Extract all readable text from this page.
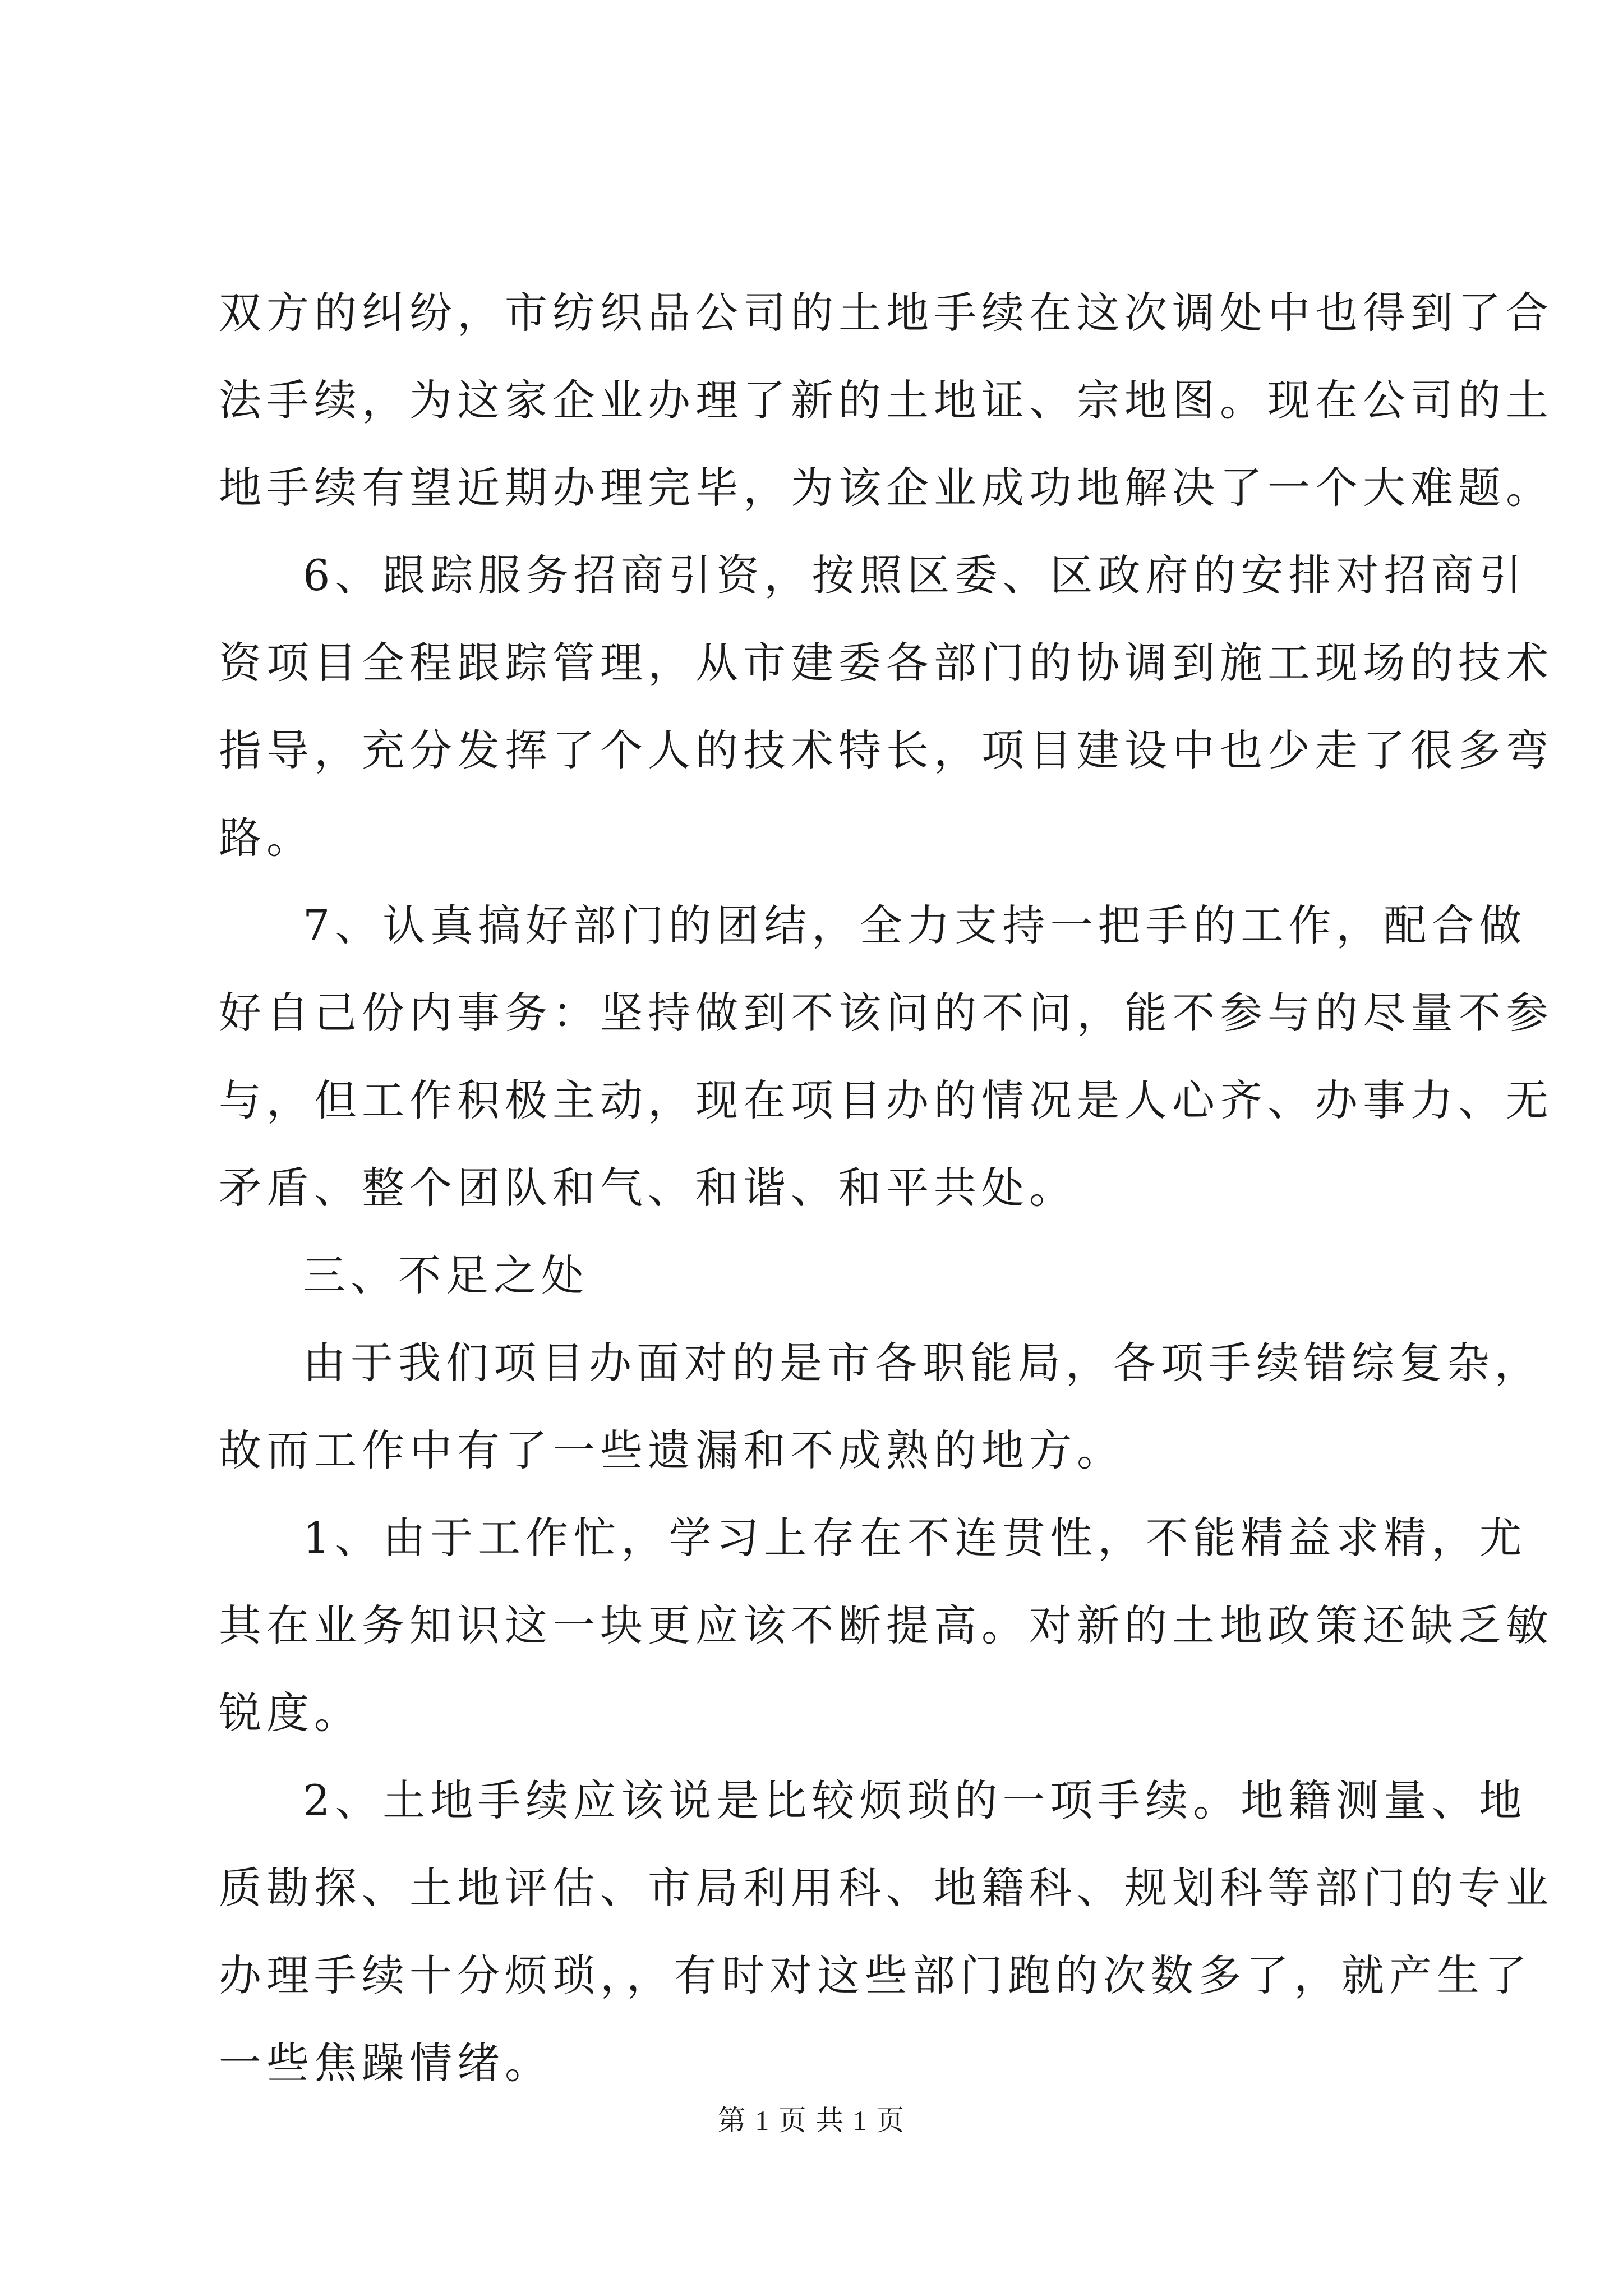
双方的纠纷，市纺织品公司的土地手续在这次调处中也得到了合
法手续，为这家企业办理了新的土地证、宗地图。现在公司的土
地手续有望近期办理完毕，为该企业成功地解决了一个大难题。
6、跟踪服务招商引资，按照区委、区政府的安排对招商引
资项目全程跟踪管理，从市建委各部门的协调到施工现场的技术
指导，充分发挥了个人的技术特长，项目建设中也少走了很多弯
路。
7、认真搞好部门的团结，全力支持一把手的工作，配合做
好自己份内事务：坚持做到不该问的不问，能不参与的尽量不参
与，但工作积极主动，现在项目办的情况是人心齐、办事力、无
矛盾、整个团队和气、和谐、和平共处。
三、不足之处
由于我们项目办面对的是市各职能局，各项手续错综复杂，
故而工作中有了一些遗漏和不成熟的地方。
1、由于工作忙，学习上存在不连贯性，不能精益求精，尤
其在业务知识这一块更应该不断提高。对新的土地政策还缺乏敏
锐度。
2、土地手续应该说是比较烦琐的一项手续。地籍测量、地
质勘探、土地评估、市局利用科、地籍科、规划科等部门的专业
办理手续十分烦琐，，有时对这些部门跑的次数多了，就产生了
一些焦躁情绪。
第 1 页 共 1 页
